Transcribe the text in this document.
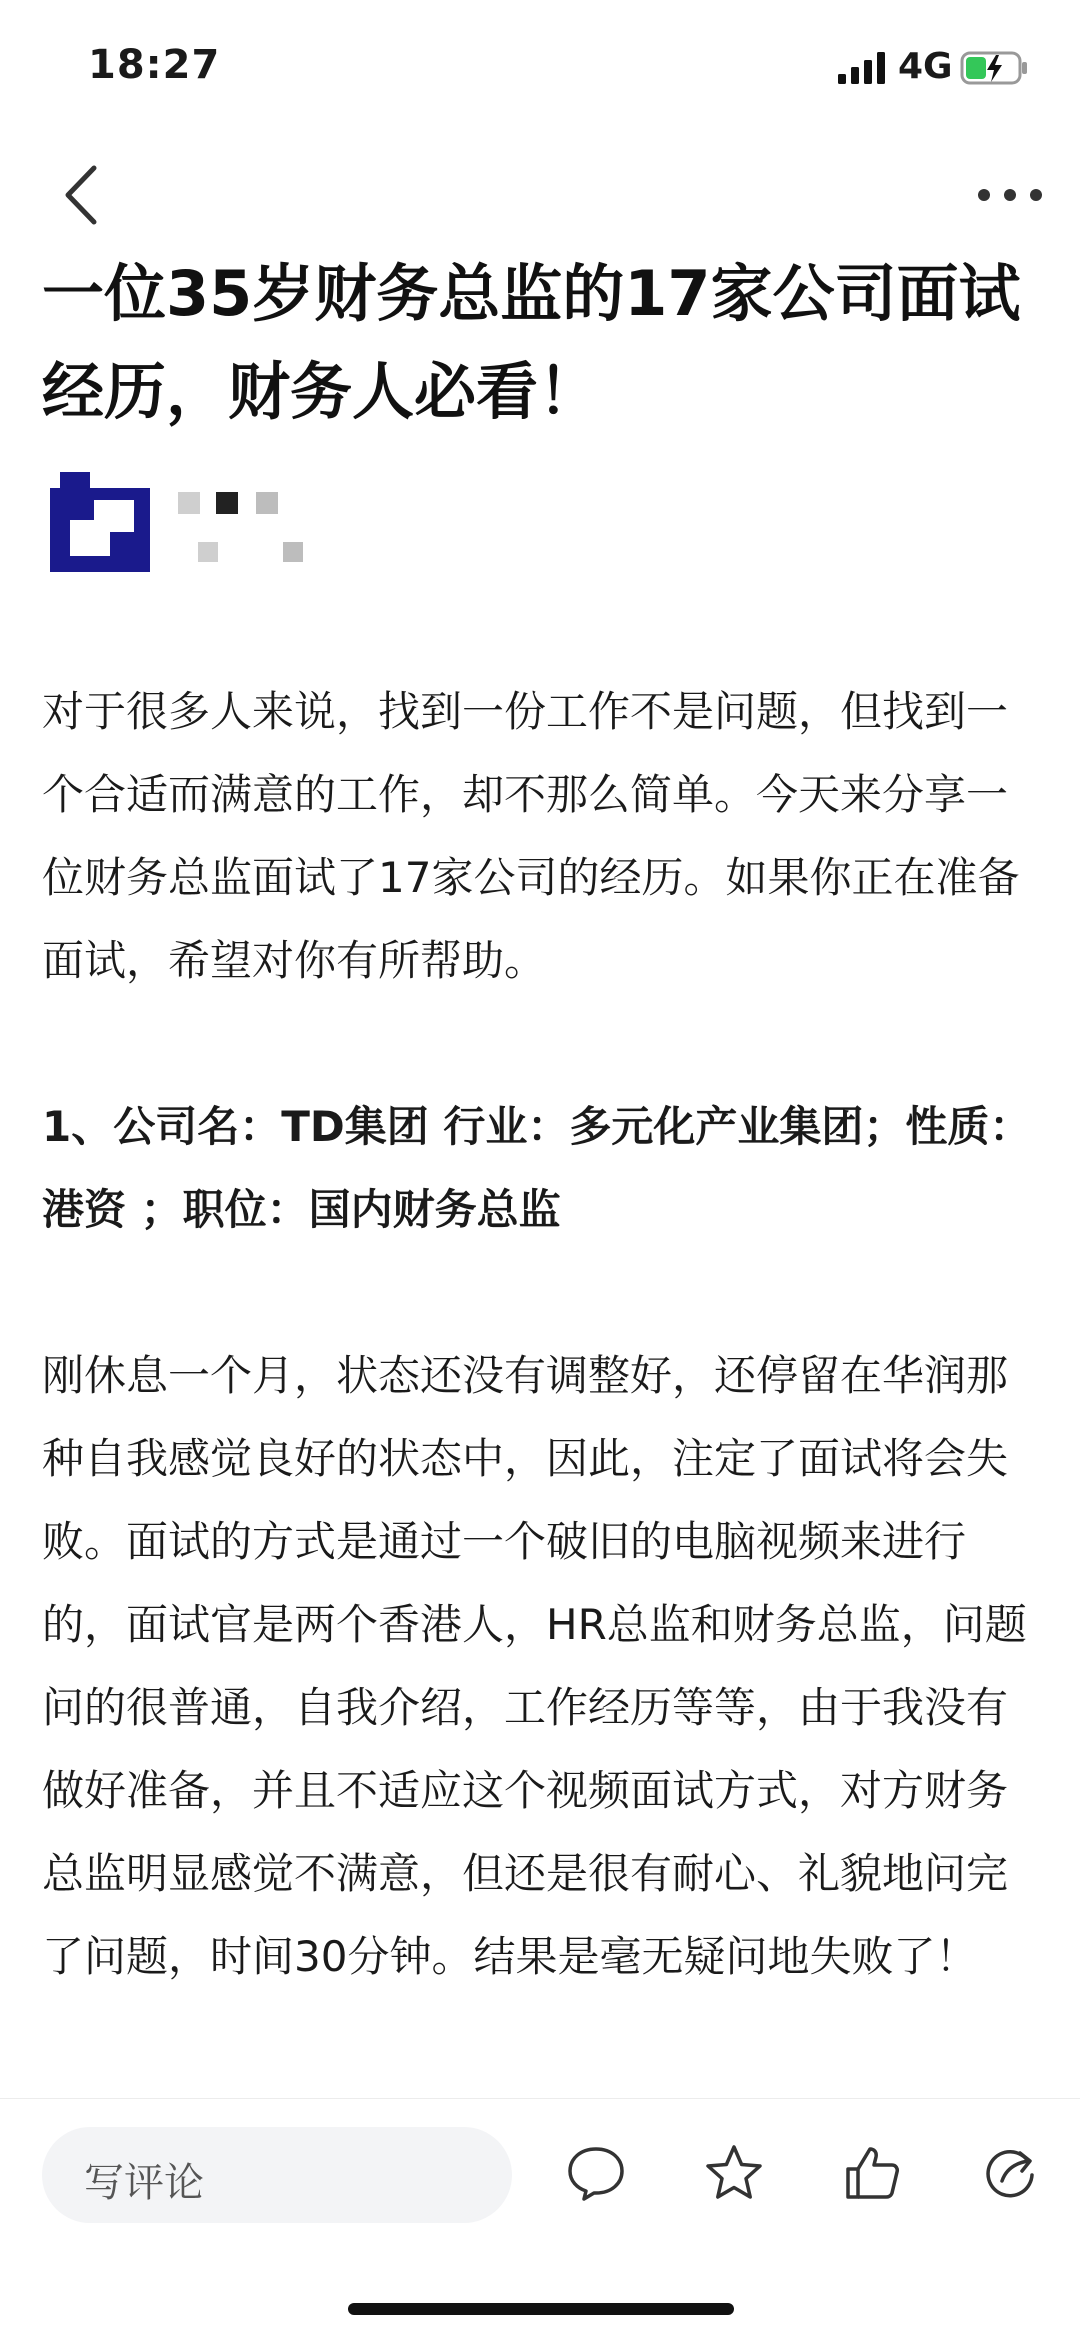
18:27	4G
一位35岁财务总监的17家公司面试经历，财务人必看！

对于很多人来说，找到一份工作不是问题，但找到一个合适而满意的工作，却不那么简单。今天来分享一位财务总监面试了17家公司的经历。如果你正在准备面试，希望对你有所帮助。

1、公司名：TD集团 行业：多元化产业集团；性质：港资 ；职位：国内财务总监

刚休息一个月，状态还没有调整好，还停留在华润那种自我感觉良好的状态中，因此，注定了面试将会失败。面试的方式是通过一个破旧的电脑视频来进行的，面试官是两个香港人，HR总监和财务总监，问题问的很普通，自我介绍，工作经历等等，由于我没有做好准备，并且不适应这个视频面试方式，对方财务总监明显感觉不满意，但还是很有耐心、礼貌地问完了问题，时间30分钟。结果是毫无疑问地失败了！

写评论
